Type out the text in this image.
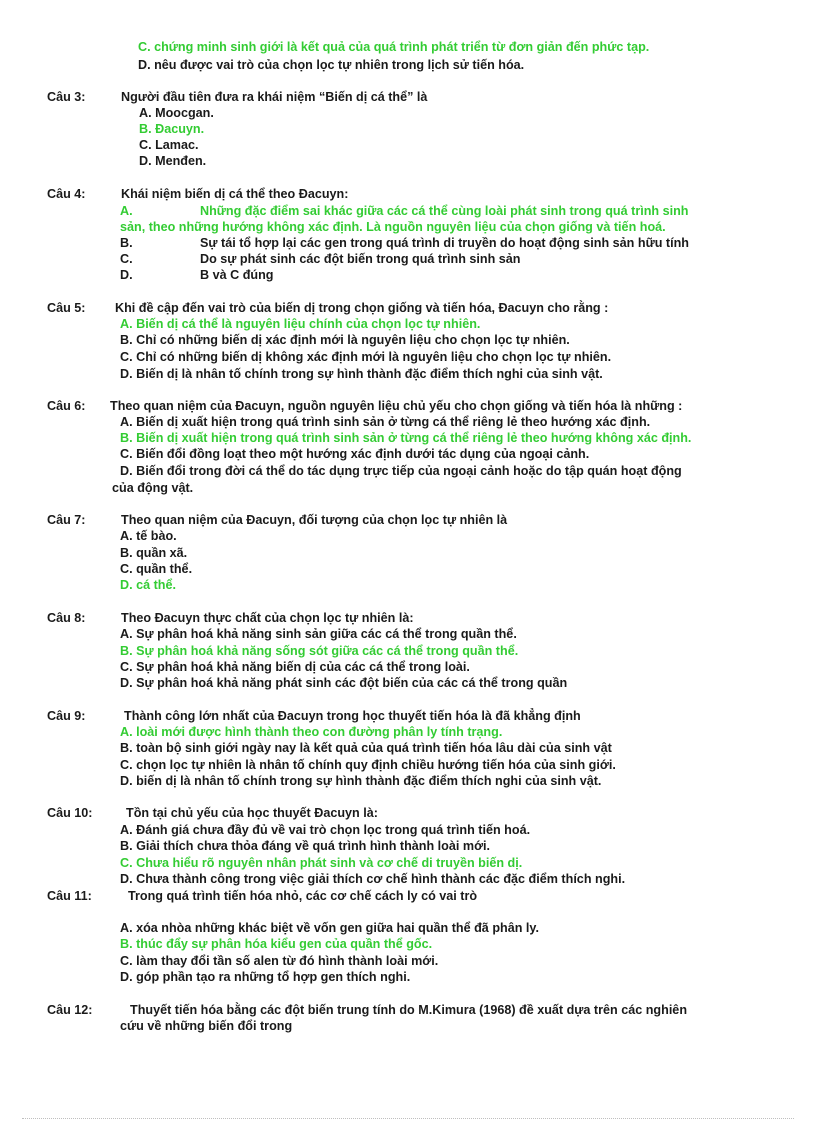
C. chứng minh sinh giới là kết quả của quá trình phát triển từ đơn giản đến phức tạp.
D. nêu được vai trò của chọn lọc tự nhiên trong lịch sử tiến hóa.
Câu 3:	Người đầu tiên đưa ra khái niệm “Biến dị cá thể” là
A. Moocgan.
B. Đacuyn.
C. Lamac.
D. Menđen.
Câu 4:	Khái niệm biến dị cá thể theo Đacuyn:
A.	Những đặc điểm sai khác giữa các cá thể cùng loài phát sinh trong quá trình sinh
sản, theo những hướng không xác định. Là nguồn nguyên liệu của chọn giống và tiến hoá.
B.	Sự tái tổ hợp lại các gen trong quá trình di truyền do hoạt động sinh sản hữu tính
C.	Do sự phát sinh các đột biến trong quá trình sinh sản
D.	B và C đúng
Câu 5: Khi đề cập đến vai trò của biến dị trong chọn giống và tiến hóa, Đacuyn cho rằng :
A. Biến dị cá thể là nguyên liệu chính của chọn lọc tự nhiên.
B. Chỉ có những biến dị xác định mới là nguyên liệu cho chọn lọc tự nhiên.
C. Chỉ có những biến dị không xác định mới là nguyên liệu cho chọn lọc tự nhiên.
D. Biến dị là nhân tố chính trong sự hình thành đặc điểm thích nghi của sinh vật.
Câu 6: Theo quan niệm của Đacuyn, nguồn nguyên liệu chủ yếu cho chọn giống và tiến hóa là những :
A. Biến dị xuất hiện trong quá trình sinh sản ở từng cá thể riêng lẻ theo hướng xác định.
B. Biến dị xuất hiện trong quá trình sinh sản ở từng cá thể riêng lẻ theo hướng không xác định.
C. Biến đổi đồng loạt theo một hướng xác định dưới tác dụng của ngoại cảnh.
D. Biến đổi trong đời cá thể do tác dụng trực tiếp của ngoại cảnh hoặc do tập quán hoạt động
của động vật.
Câu 7:	Theo quan niệm của Đacuyn, đối tượng của chọn lọc tự nhiên là
A. tế bào.
B. quần xã.
C. quần thể.
D. cá thể.
Câu 8:	Theo Đacuyn thực chất của chọn lọc tự nhiên là:
A. Sự phân hoá khả năng sinh sản giữa các cá thể trong quần thể.
B. Sự phân hoá khả năng sống sót giữa các cá thể trong quần thể.
C. Sự phân hoá khả năng biến dị của các cá thể trong loài.
D. Sự phân hoá khả năng phát sinh các đột biến của các cá thể trong quần
Câu 9:	Thành công lớn nhất của Đacuyn trong học thuyết tiến hóa là đã khẳng định
A. loài mới được hình thành theo con đường phân ly tính trạng.
B. toàn bộ sinh giới ngày nay là kết quả của quá trình tiến hóa lâu dài của sinh vật
C. chọn lọc tự nhiên là nhân tố chính quy định chiều hướng tiến hóa của sinh giới.
D. biến dị là nhân tố chính trong sự hình thành đặc điểm thích nghi của sinh vật.
Câu 10:	Tồn tại chủ yếu của học thuyết Đacuyn là:
A. Đánh giá chưa đầy đủ về vai trò chọn lọc trong quá trình tiến hoá.
B. Giải thích chưa thỏa đáng về quá trình hình thành loài mới.
C. Chưa hiểu rõ nguyên nhân phát sinh và cơ chế di truyền biến dị.
D. Chưa thành công trong việc giải thích cơ chế hình thành các đặc điểm thích nghi.
Câu 11:	Trong quá trình tiến hóa nhỏ, các cơ chế cách ly có vai trò
A. xóa nhòa những khác biệt về vốn gen giữa hai quần thể đã phân ly.
B. thúc đẩy sự phân hóa kiểu gen của quần thể gốc.
C. làm thay đổi tần số alen từ đó hình thành loài mới.
D. góp phần tạo ra những tổ hợp gen thích nghi.
Câu 12:	Thuyết tiến hóa bằng các đột biến trung tính do M.Kimura (1968) đề xuất dựa trên các nghiên
cứu về những biến đổi trong
